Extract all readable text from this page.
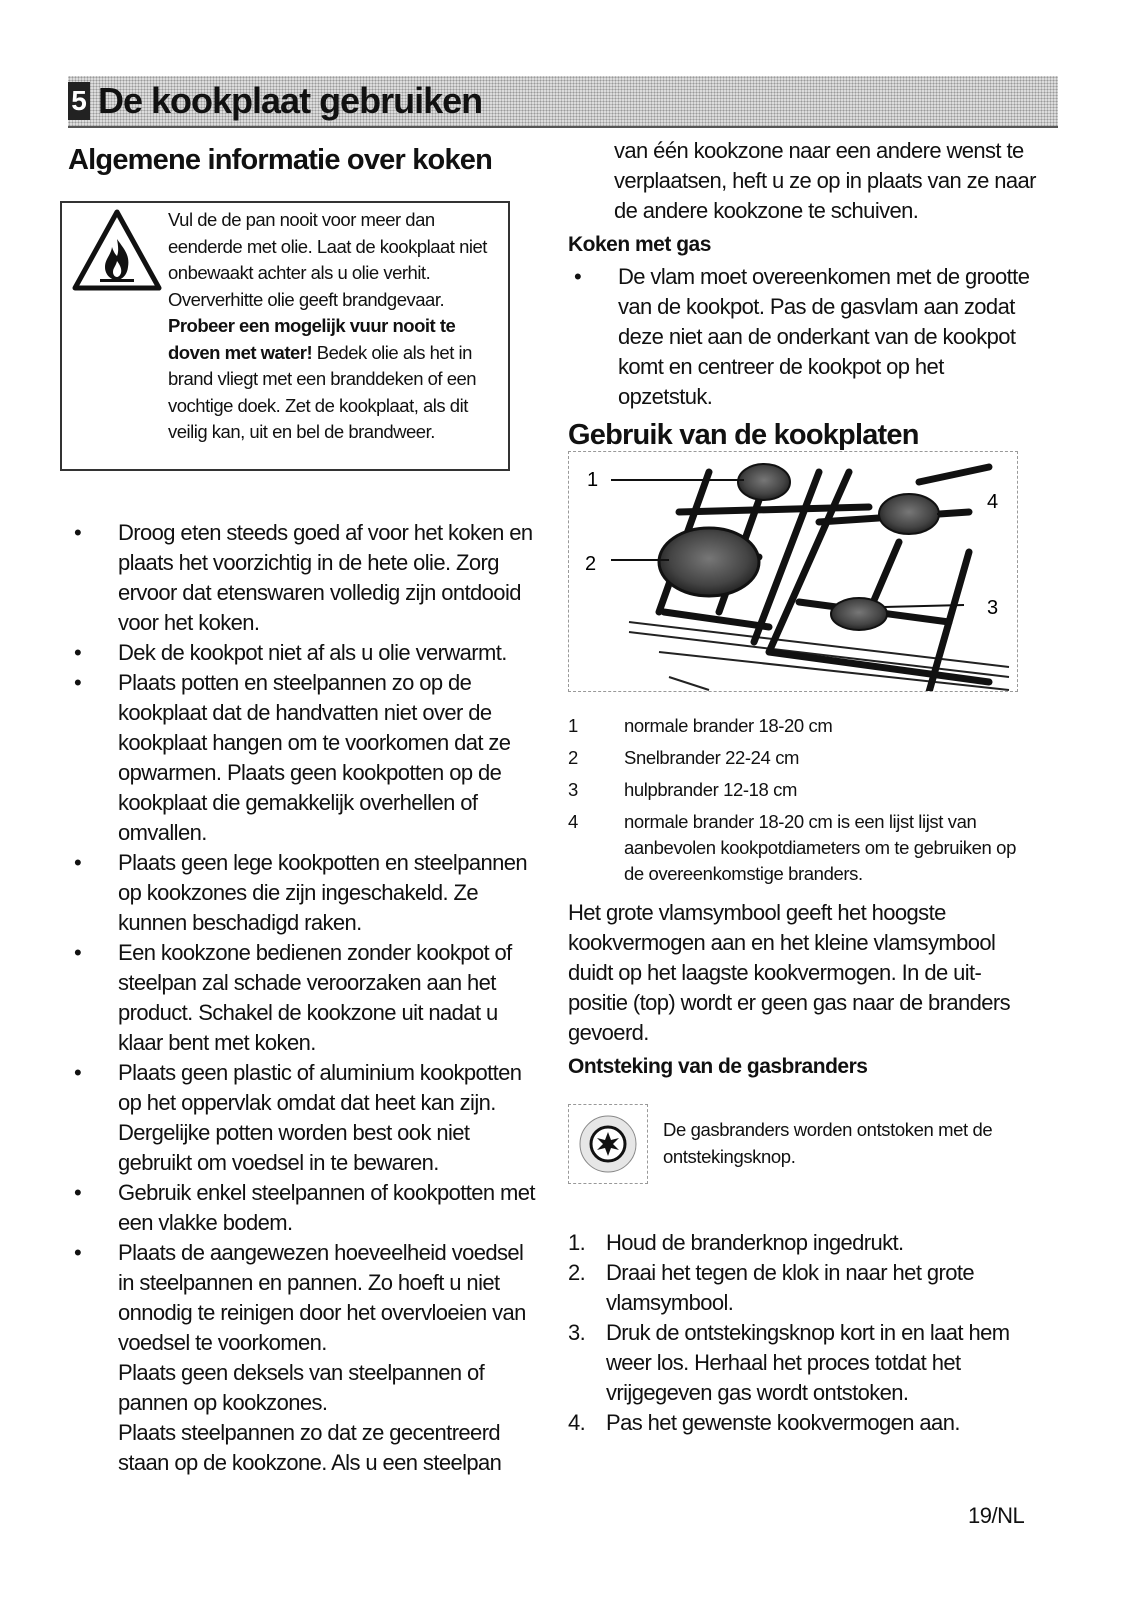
5 De kookplaat gebruiken
Algemene informatie over koken
Vul de de pan nooit voor meer dan eenderde met olie. Laat de kookplaat niet onbewaakt achter als u olie verhit. Oververhitte olie geeft brandgevaar. Probeer een mogelijk vuur nooit te doven met water! Bedek olie als het in brand vliegt met een branddeken of een vochtige doek. Zet de kookplaat, als dit veilig kan, uit en bel de brandweer.
• Droog eten steeds goed af voor het koken en plaats het voorzichtig in de hete olie. Zorg ervoor dat etenswaren volledig zijn ontdooid voor het koken.
• Dek de kookpot niet af als u olie verwarmt.
• Plaats potten en steelpannen zo op de kookplaat dat de handvatten niet over de kookplaat hangen om te voorkomen dat ze opwarmen. Plaats geen kookpotten op de kookplaat die gemakkelijk overhellen of omvallen.
• Plaats geen lege kookpotten en steelpannen op kookzones die zijn ingeschakeld. Ze kunnen beschadigd raken.
• Een kookzone bedienen zonder kookpot of steelpan zal schade veroorzaken aan het product. Schakel de kookzone uit nadat u klaar bent met koken.
• Plaats geen plastic of aluminium kookpotten op het oppervlak omdat dat heet kan zijn. Dergelijke potten worden best ook niet gebruikt om voedsel in te bewaren.
• Gebruik enkel steelpannen of kookpotten met een vlakke bodem.
• Plaats de aangewezen hoeveelheid voedsel in steelpannen en pannen. Zo hoeft u niet onnodig te reinigen door het overvloeien van voedsel te voorkomen.
Plaats geen deksels van steelpannen of pannen op kookzones.
Plaats steelpannen zo dat ze gecentreerd staan op de kookzone. Als u een steelpan
van één kookzone naar een andere wenst te verplaatsen, heft u ze op in plaats van ze naar de andere kookzone te schuiven.
Koken met gas
• De vlam moet overeenkomen met de grootte van de kookpot. Pas de gasvlam aan zodat deze niet aan de onderkant van de kookpot komt en centreer de kookpot op het opzetstuk.
Gebruik van de kookplaten
1
2
3
4
1	normale brander 18-20 cm
2	Snelbrander 22-24 cm
3	hulpbrander 12-18 cm
4	normale brander 18-20 cm is een lijst lijst van aanbevolen kookpotdiameters om te gebruiken op de overeenkomstige branders.
Het grote vlamsymbool geeft het hoogste kookvermogen aan en het kleine vlamsymbool duidt op het laagste kookvermogen. In de uit-positie (top) wordt er geen gas naar de branders gevoerd.
Ontsteking van de gasbranders
De gasbranders worden ontstoken met de ontstekingsknop.
1. Houd de branderknop ingedrukt.
2. Draai het tegen de klok in naar het grote vlamsymbool.
3. Druk de ontstekingsknop kort in en laat hem weer los. Herhaal het proces totdat het vrijgegeven gas wordt ontstoken.
4. Pas het gewenste kookvermogen aan.
19/NL
